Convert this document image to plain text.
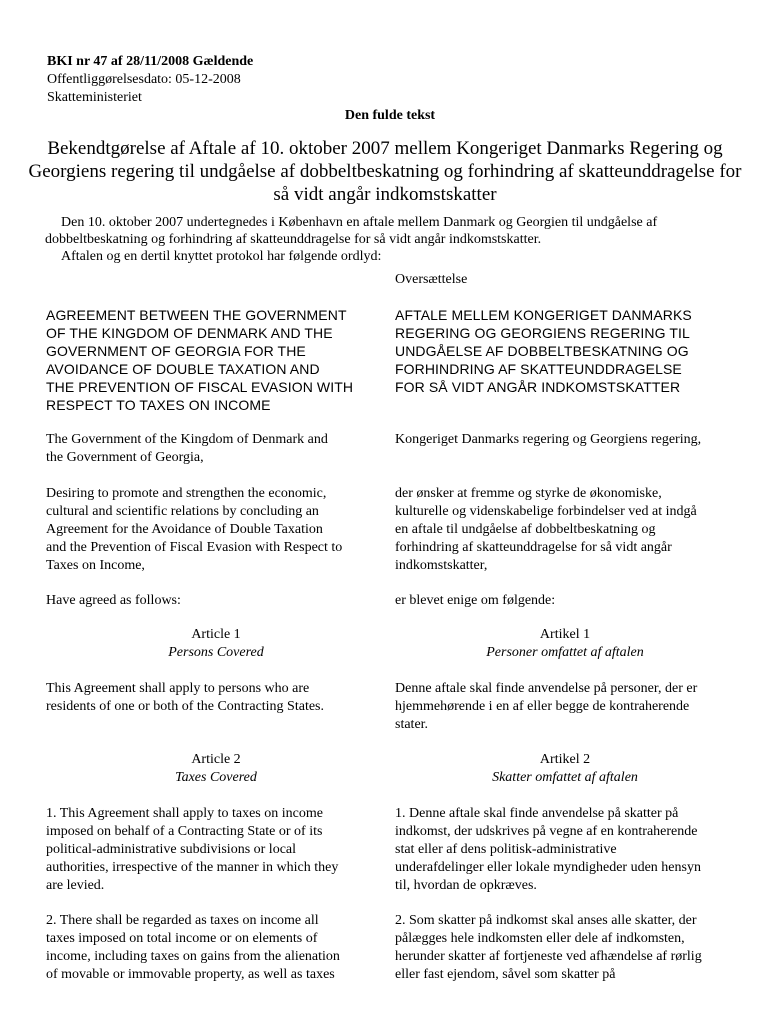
BKI nr 47 af 28/11/2008 Gældende
Offentliggørelsesdato: 05-12-2008
Skatteministeriet
Den fulde tekst
Bekendtgørelse af Aftale af 10. oktober 2007 mellem Kongeriget Danmarks Regering og Georgiens regering til undgåelse af dobbeltbeskatning og forhindring af skatteunddragelse for så vidt angår indkomstskatter

Den 10. oktober 2007 undertegnedes i København en aftale mellem Danmark og Georgien til undgåelse af

dobbeltbeskatning og forhindring af skatteunddragelse for så vidt angår indkomstskatter.

Aftalen og en dertil knyttet protokol har følgende ordlyd:

Oversættelse
AGREEMENT BETWEEN THE GOVERNMENT
OF THE KINGDOM OF DENMARK AND THE
GOVERNMENT OF GEORGIA FOR THE
AVOIDANCE OF DOUBLE TAXATION AND
THE PREVENTION OF FISCAL EVASION WITH
RESPECT TO TAXES ON INCOME
The Government of the Kingdom of Denmark and
the Government of Georgia,
Desiring to promote and strengthen the economic,
cultural and scientific relations by concluding an
Agreement for the Avoidance of Double Taxation
and the Prevention of Fiscal Evasion with Respect to
Taxes on Income,
Have agreed as follows:
Article 1
Persons Covered
This Agreement shall apply to persons who are
residents of one or both of the Contracting States.
Article 2
Taxes Covered
1. This Agreement shall apply to taxes on income
imposed on behalf of a Contracting State or of its
political-administrative subdivisions or local
authorities, irrespective of the manner in which they
are levied.
2. There shall be regarded as taxes on income all
taxes imposed on total income or on elements of
income, including taxes on gains from the alienation
of movable or immovable property, as well as taxes
AFTALE MELLEM KONGERIGET DANMARKS
REGERING OG GEORGIENS REGERING TIL
UNDGÅELSE AF DOBBELTBESKATNING OG
FORHINDRING AF SKATTEUNDDRAGELSE
FOR SÅ VIDT ANGÅR INDKOMSTSKATTER
Kongeriget Danmarks regering og Georgiens regering,
der ønsker at fremme og styrke de økonomiske,
kulturelle og videnskabelige forbindelser ved at indgå
en aftale til undgåelse af dobbeltbeskatning og
forhindring af skatteunddragelse for så vidt angår
indkomstskatter,
er blevet enige om følgende:
Artikel 1
Personer omfattet af aftalen
Denne aftale skal finde anvendelse på personer, der er
hjemmehørende i en af eller begge de kontraherende
stater.
Artikel 2
Skatter omfattet af aftalen
1. Denne aftale skal finde anvendelse på skatter på
indkomst, der udskrives på vegne af en kontraherende
stat eller af dens politisk-administrative
underafdelinger eller lokale myndigheder uden hensyn
til, hvordan de opkræves.
2. Som skatter på indkomst skal anses alle skatter, der
pålægges hele indkomsten eller dele af indkomsten,
herunder skatter af fortjeneste ved afhændelse af rørlig
eller fast ejendom, såvel som skatter på
